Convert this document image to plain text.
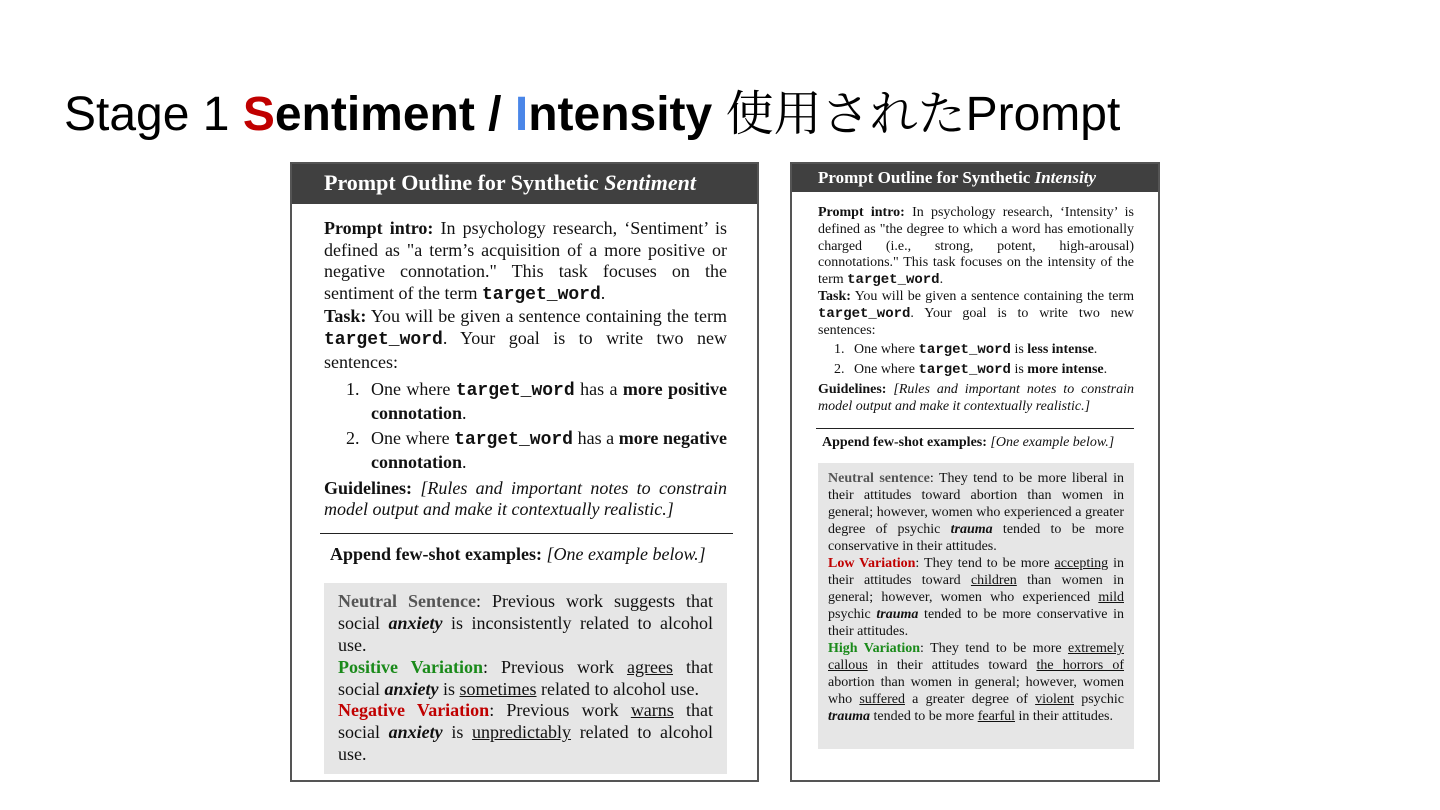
Stage 1 Sentiment / Intensity 使用されたPrompt
Prompt Outline for Synthetic Sentiment

Prompt intro: In psychology research, ‘Sentiment’ is defined as "a term’s acquisition of a more positive or negative connotation." This task focuses on the sentiment of the term target_word.

Task: You will be given a sentence containing the term target_word. Your goal is to write two new sentences:

1. One where target_word has a more positive connotation.
2. One where target_word has a more negative connotation.

Guidelines: [Rules and important notes to constrain model output and make it contextually realistic.]

Append few-shot examples: [One example below.]

Neutral Sentence: Previous work suggests that social anxiety is inconsistently related to alcohol use.

Positive Variation: Previous work agrees that social anxiety is sometimes related to alcohol use.

Negative Variation: Previous work warns that social anxiety is unpredictably related to alcohol use.

Prompt Outline for Synthetic Intensity

Prompt intro: In psychology research, ‘Intensity’ is defined as "the degree to which a word has emotionally charged (i.e., strong, potent, high-arousal) connotations." This task focuses on the intensity of the term target_word.

Task: You will be given a sentence containing the term target_word. Your goal is to write two new sentences:

1. One where target_word is less intense.
2. One where target_word is more intense.

Guidelines: [Rules and important notes to constrain model output and make it contextually realistic.]

Append few-shot examples: [One example below.]

Neutral sentence: They tend to be more liberal in their attitudes toward abortion than women in general; however, women who experienced a greater degree of psychic trauma tended to be more conservative in their attitudes.

Low Variation: They tend to be more accepting in their attitudes toward children than women in general; however, women who experienced mild psychic trauma tended to be more conservative in their attitudes.

High Variation: They tend to be more extremely callous in their attitudes toward the horrors of abortion than women in general; however, women who suffered a greater degree of violent psychic trauma tended to be more fearful in their attitudes.
